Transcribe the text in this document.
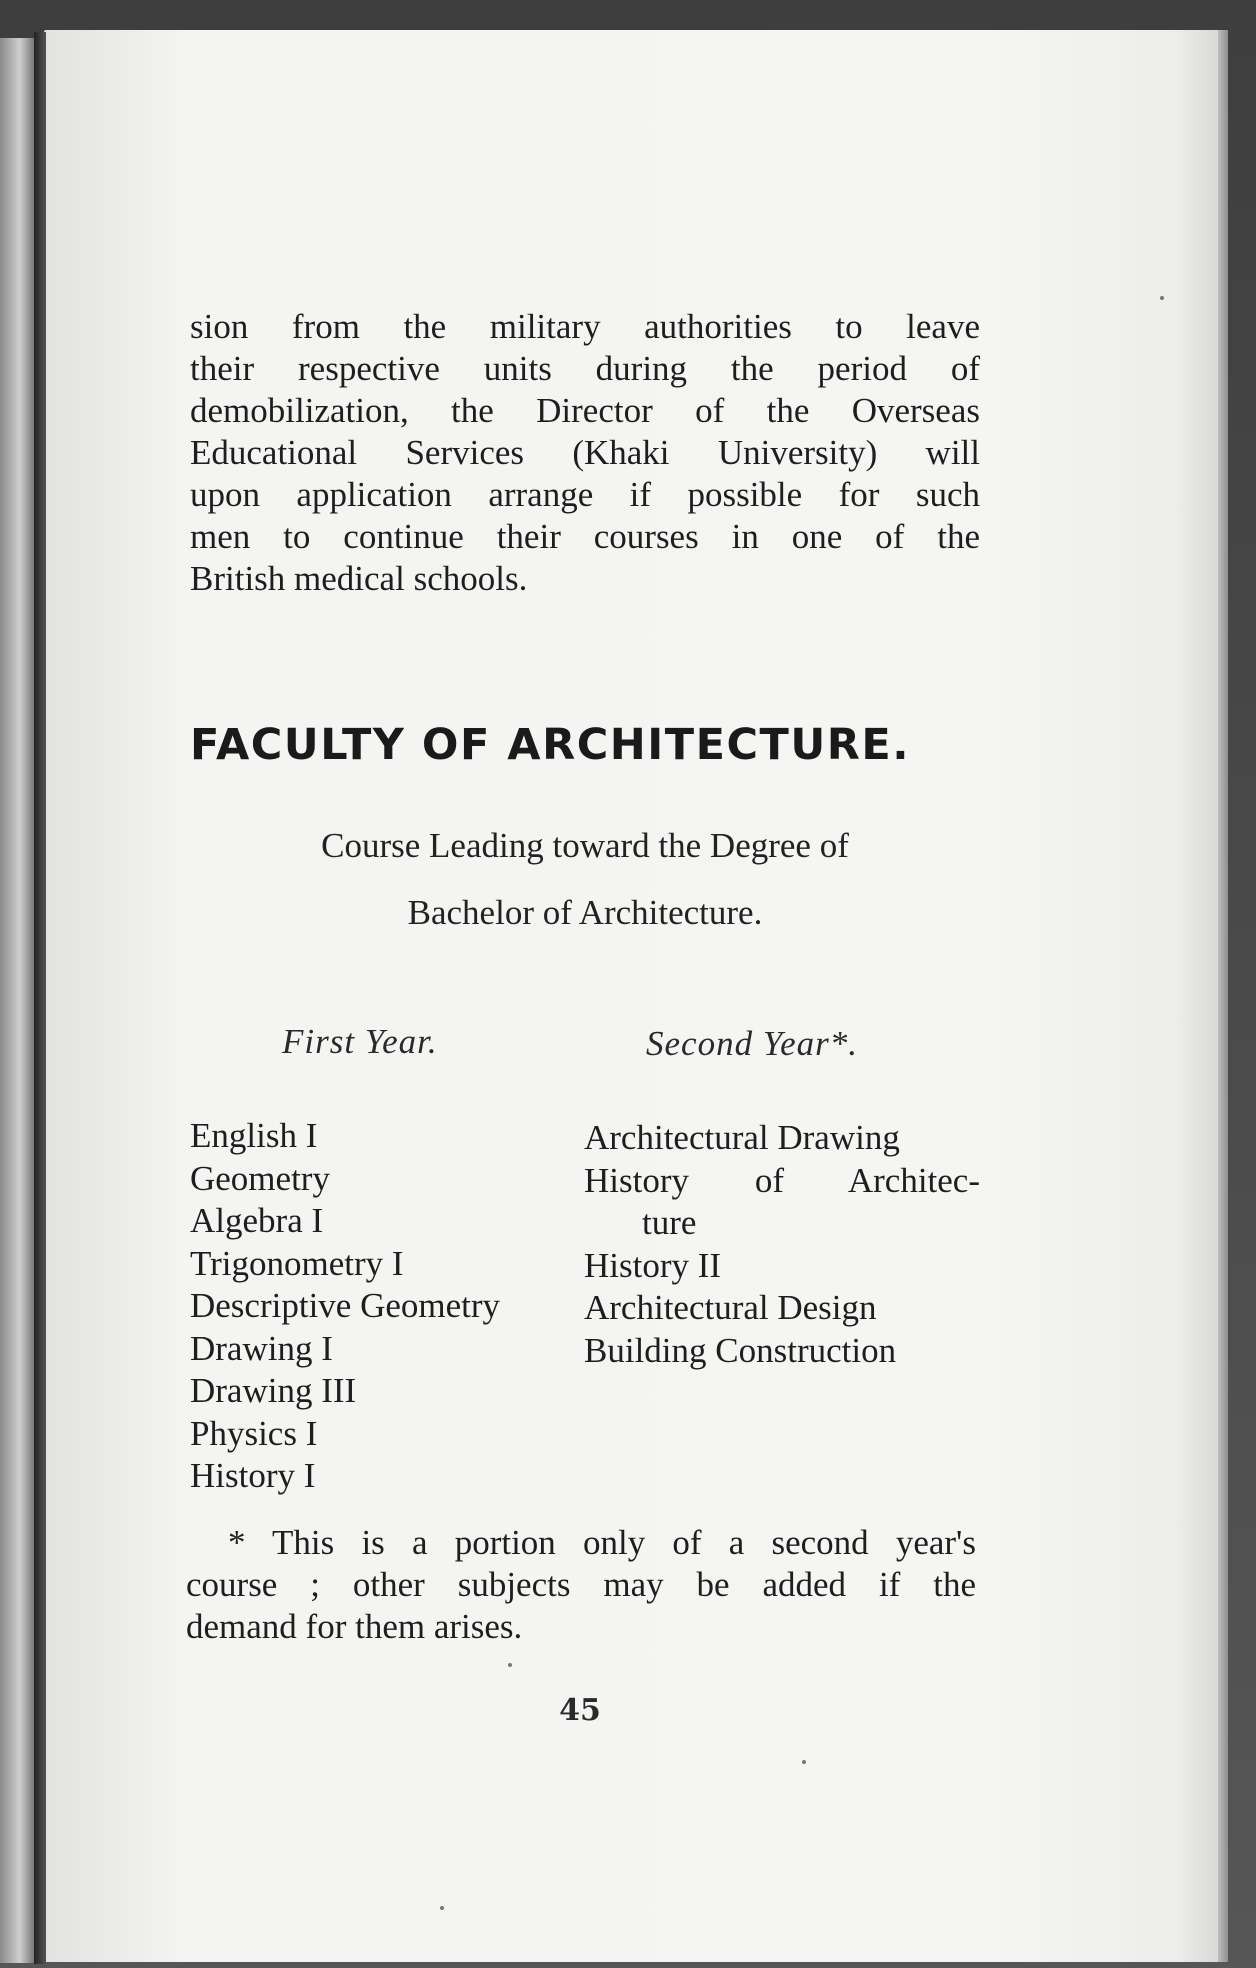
sion from the military authorities to leave
their respective units during the period of
demobilization, the Director of the Overseas
Educational Services (Khaki University) will
upon application arrange if possible for such
men to continue their courses in one of the
British medical schools.
FACULTY OF ARCHITECTURE.
Course Leading toward the Degree of
Bachelor of Architecture.
First Year.	Second Year*.
English I
Geometry
Algebra I
Trigonometry I
Descriptive Geometry
Drawing I
Drawing III
Physics I
History I
Architectural Drawing
History of Architec-
ture
History II
Architectural Design
Building Construction
* This is a portion only of a second year's
course ; other subjects may be added if the
demand for them arises.
45
